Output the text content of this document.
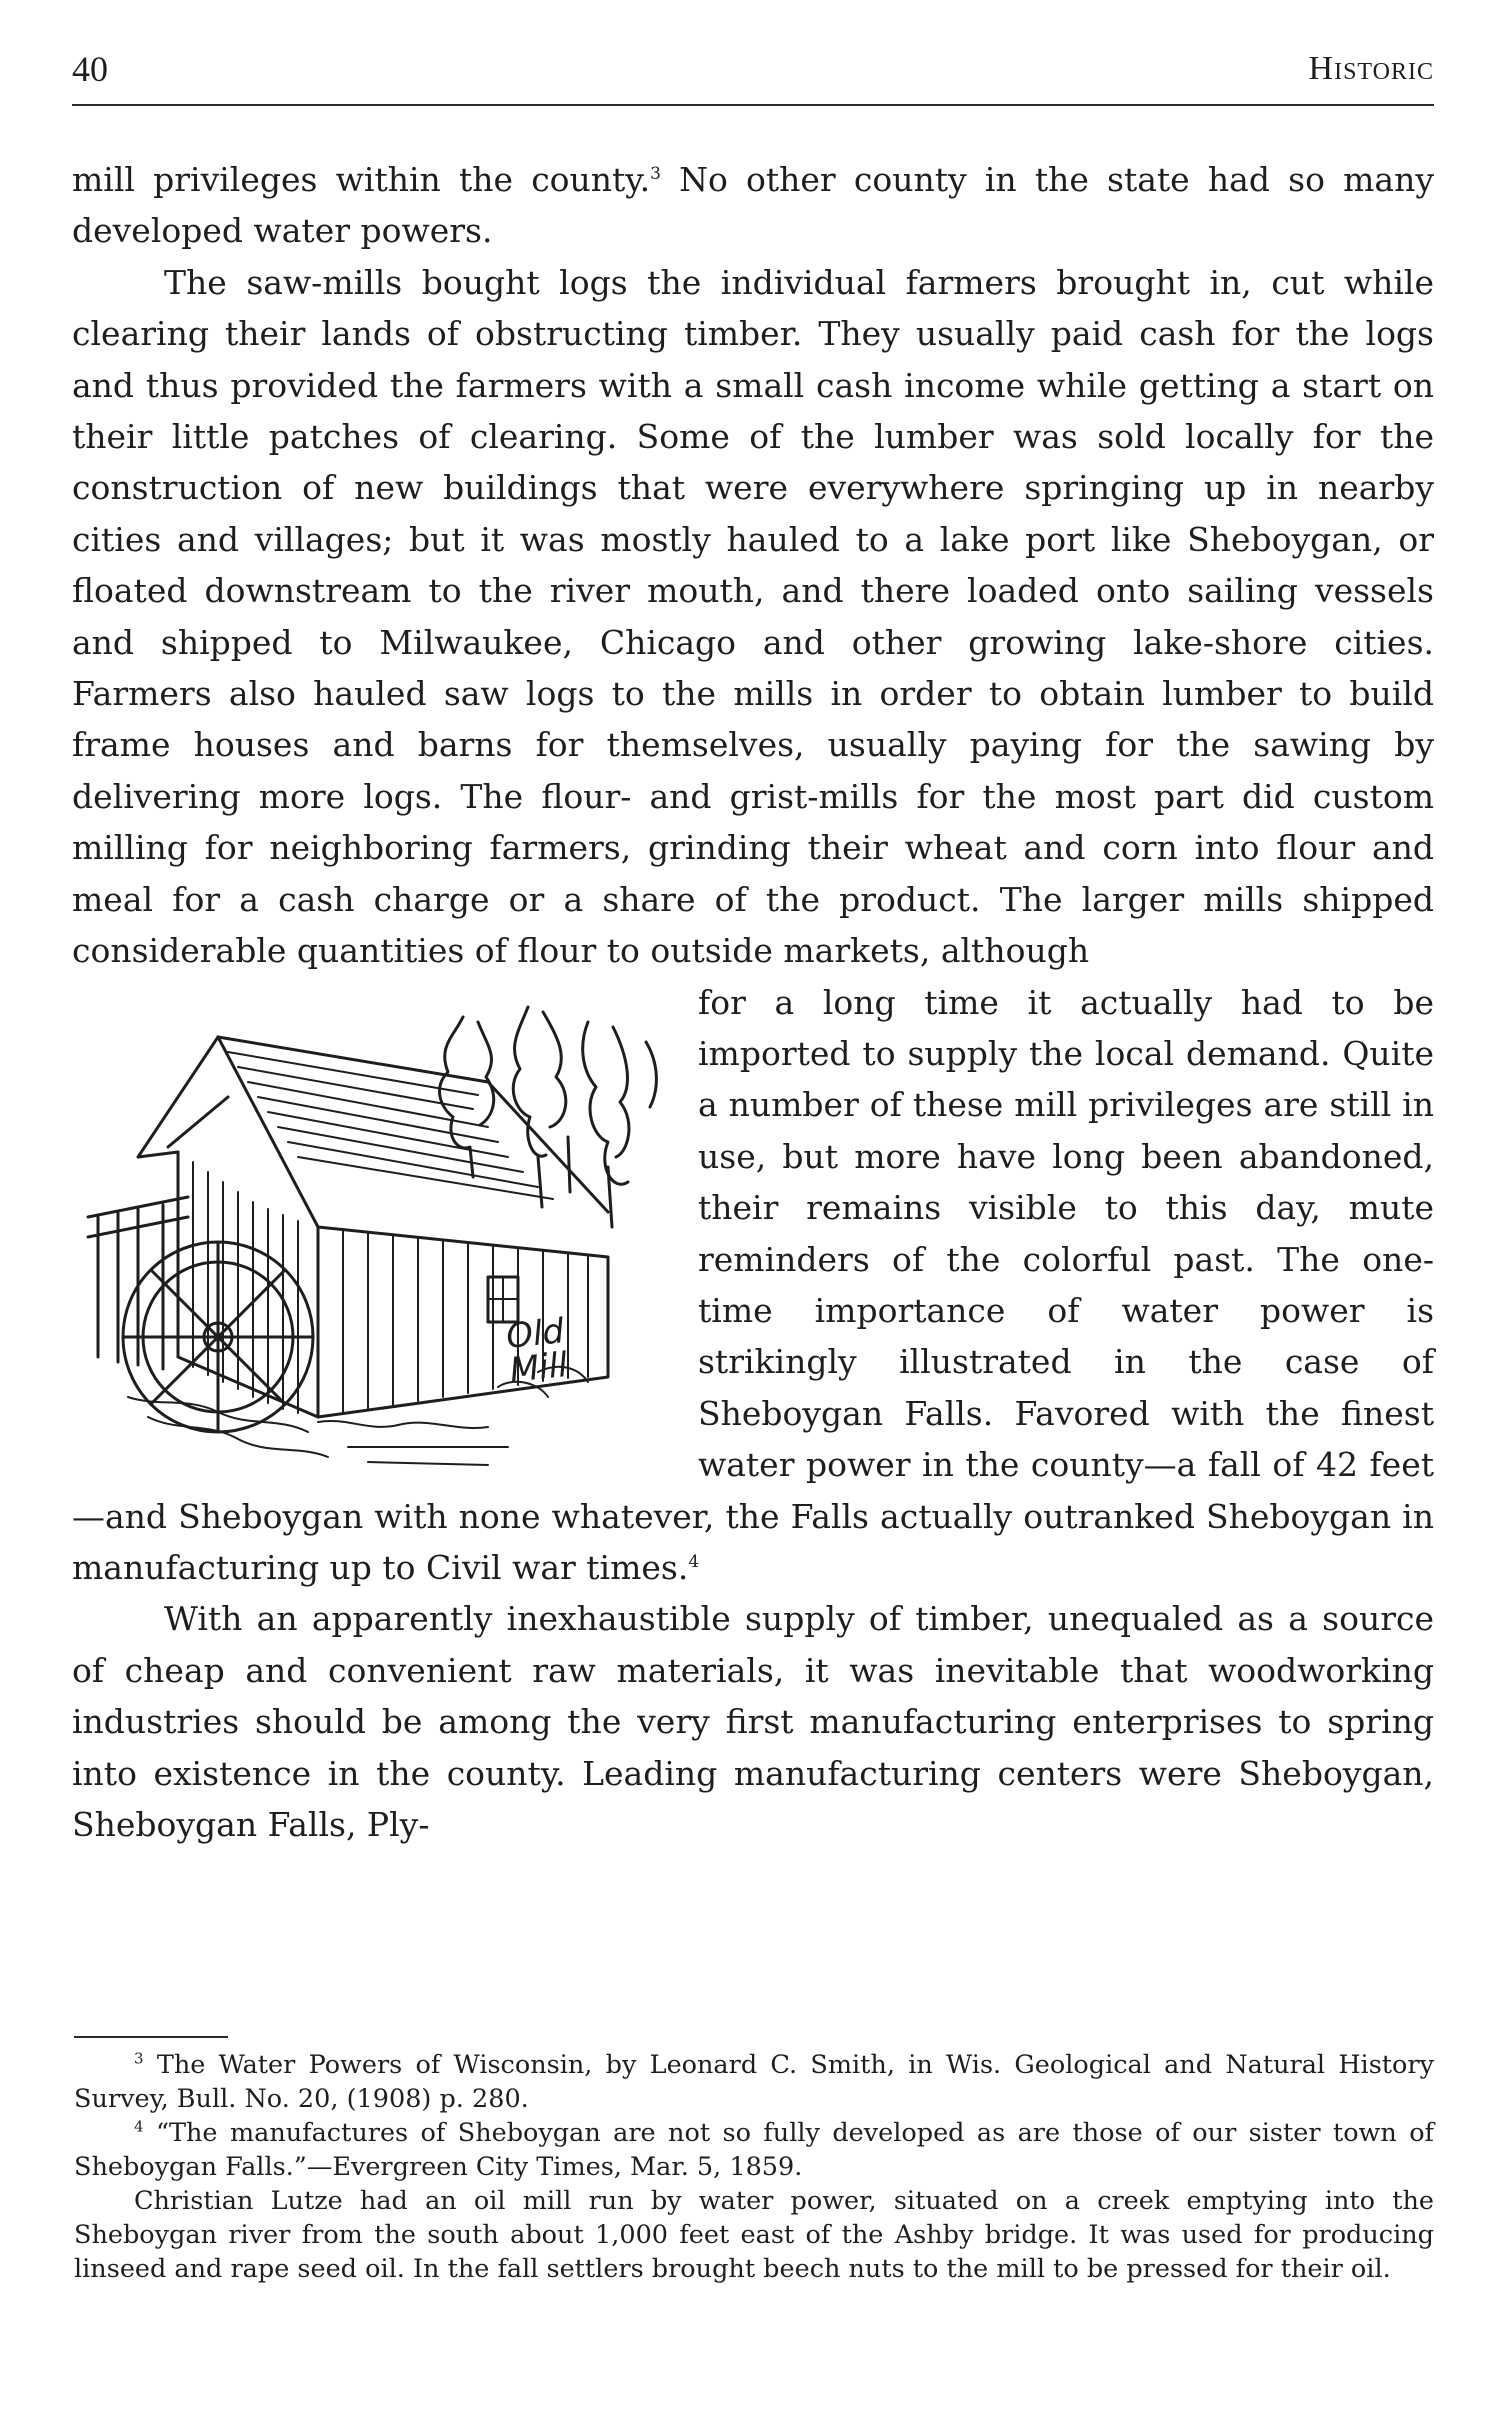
40	Historic

mill privileges within the county.$^3$ No other county in the state had so many developed water powers.

The saw-mills bought logs the individual farmers brought in, cut while clearing their lands of obstructing timber. They usually paid cash for the logs and thus provided the farmers with a small cash income while getting a start on their little patches of clearing. Some of the lumber was sold locally for the construction of new buildings that were everywhere springing up in nearby cities and villages; but it was mostly hauled to a lake port like Sheboygan, or floated downstream to the river mouth, and there loaded onto sailing vessels and shipped to Milwaukee, Chicago and other growing lake-shore cities. Farmers also hauled saw logs to the mills in order to obtain lumber to build frame houses and barns for themselves, usually paying for the sawing by delivering more logs. The flour- and grist-mills for the most part did custom milling for neighboring farmers, grinding their wheat and corn into flour and meal for a cash charge or a share of the product. The larger mills shipped considerable quantities of flour to outside markets, although

Old
Mill

for a long time it actually had to be imported to supply the local demand. Quite a number of these mill privileges are still in use, but more have long been abandoned, their remains visible to this day, mute reminders of the colorful past. The one-time importance of water power is strikingly illustrated in the case of Sheboygan Falls. Favored with the finest water power in the county—a fall of 42 feet—and Sheboygan with none whatever, the Falls actually outranked Sheboygan in manufacturing up to Civil war times.$^4$

With an apparently inexhaustible supply of timber, unequaled as a source of cheap and convenient raw materials, it was inevitable that woodworking industries should be among the very first manufacturing enterprises to spring into existence in the county. Leading manufacturing centers were Sheboygan, Sheboygan Falls, Ply-

$^3$ The Water Powers of Wisconsin, by Leonard C. Smith, in Wis. Geological and Natural History Survey, Bull. No. 20, (1908) p. 280.

$^4$ “The manufactures of Sheboygan are not so fully developed as are those of our sister town of Sheboygan Falls.”—Evergreen City Times, Mar. 5, 1859.

Christian Lutze had an oil mill run by water power, situated on a creek emptying into the Sheboygan river from the south about 1,000 feet east of the Ashby bridge. It was used for producing linseed and rape seed oil. In the fall settlers brought beech nuts to the mill to be pressed for their oil.
